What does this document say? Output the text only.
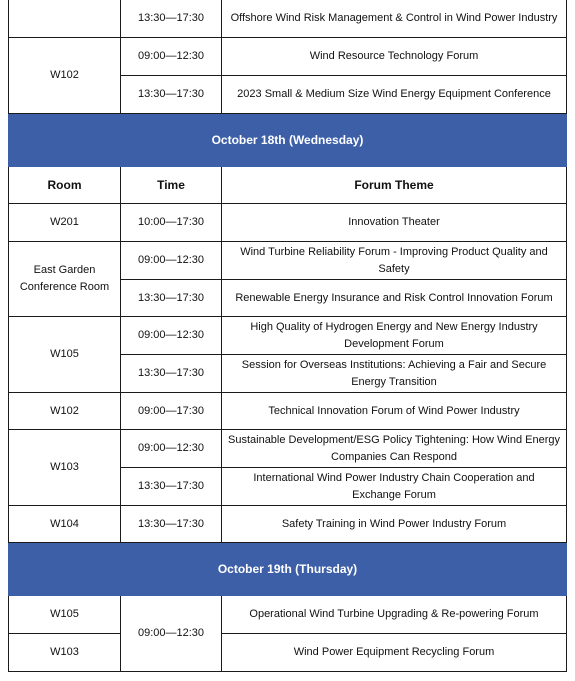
	13:30—17:30	Offshore Wind Risk Management & Control in Wind Power Industry
W102	09:00—12:30	Wind Resource Technology Forum
	13:30—17:30	2023 Small & Medium Size Wind Energy Equipment Conference
October 18th (Wednesday)		
Room	Time	Forum Theme
W201	10:00—17:30	Innovation Theater
East Garden Conference Room	09:00—12:30	Wind Turbine Reliability Forum - Improving Product Quality and Safety
	13:30—17:30	Renewable Energy Insurance and Risk Control Innovation Forum
W105	09:00—12:30	High Quality of Hydrogen Energy and New Energy Industry Development Forum
	13:30—17:30	Session for Overseas Institutions: Achieving a Fair and Secure Energy Transition
W102	09:00—17:30	Technical Innovation Forum of Wind Power Industry
W103	09:00—12:30	Sustainable Development/ESG Policy Tightening: How Wind Energy Companies Can Respond
	13:30—17:30	International Wind Power Industry Chain Cooperation and Exchange Forum
W104	13:30—17:30	Safety Training in Wind Power Industry Forum
October 19th (Thursday)		
W105	09:00—12:30	Operational Wind Turbine Upgrading & Re-powering Forum
W103		Wind Power Equipment Recycling Forum
